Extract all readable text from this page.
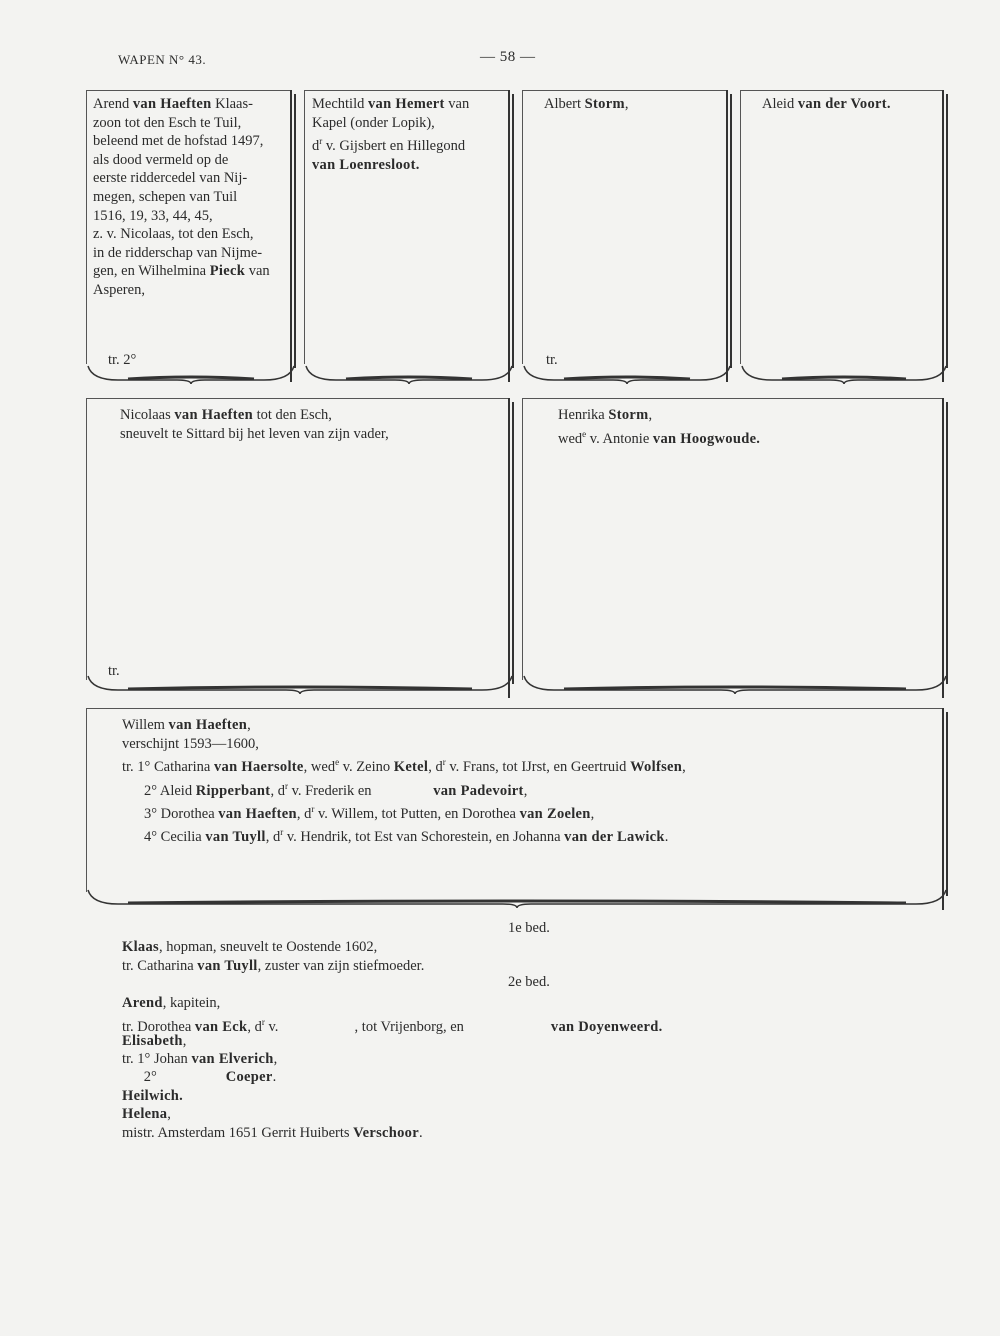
WAPEN N° 43.	— 58 —
Arend van Haeften Klaas-
zoon tot den Esch te Tuil,
beleend met de hofstad 1497,
als dood vermeld op de
eerste riddercedel van Nij-
megen, schepen van Tuil
1516, 19, 33, 44, 45,
z. v. Nicolaas, tot den Esch,
in de ridderschap van Nijme-
gen, en Wilhelmina Pieck van
Asperen,
tr. 2°
Mechtild van Hemert van
Kapel (onder Lopik),
$d^r$ v. Gijsbert en Hillegond
van Loenresloot.
Albert Storm,
tr.
Aleid van der Voort.
Nicolaas van Haeften tot den Esch,
sneuvelt te Sittard bij het leven van zijn vader,
tr.
Henrika Storm,
wed$^e$ v. Antonie van Hoogwoude.
Willem van Haeften,
verschijnt 1593—1600,
tr. 1° Catharina van Haersolte, wed$^e$ v. Zeino Ketel, $d^r$ v. Frans, tot IJrst, en Geertruid Wolfsen,
2° Aleid Ripperbant, $d^r$ v. Frederik en                 van Padevoirt,
3° Dorothea van Haeften, $d^r$ v. Willem, tot Putten, en Dorothea van Zoelen,
4° Cecilia van Tuyll, $d^r$ v. Hendrik, tot Est van Schorestein, en Johanna van der Lawick.
1e bed.
2e bed.
Klaas, hopman, sneuvelt te Oostende 1602,
tr. Catharina van Tuyll, zuster van zijn stiefmoeder.
Arend, kapitein,
tr. Dorothea van Eck, $d^r$ v.                     , tot Vrijenborg, en                        van Doyenweerd.
Elisabeth,
tr. 1° Johan van Elverich,
2°                   Coeper.
Heilwich.
Helena,
mistr. Amsterdam 1651 Gerrit Huiberts Verschoor.
